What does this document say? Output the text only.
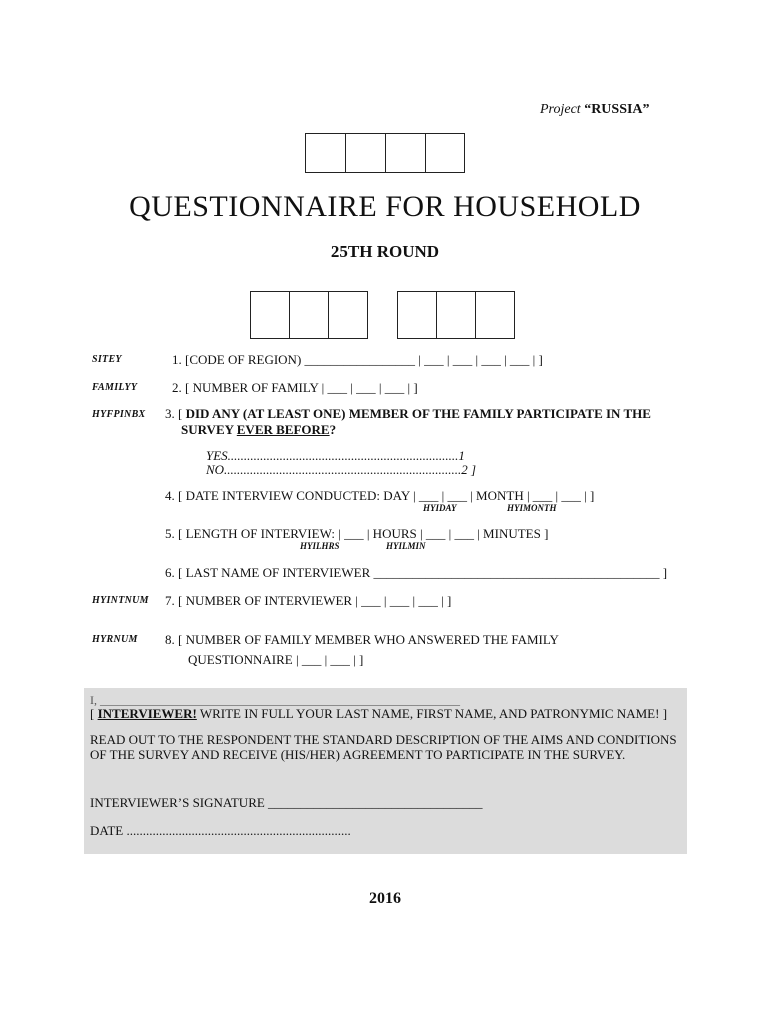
Project “RUSSIA”
QUESTIONNAIRE FOR HOUSEHOLD
25TH ROUND
SITEY	1. [CODE OF REGION) _________________ | ___ | ___ | ___ | ___ | ]
FAMILYY	2. [ NUMBER OF FAMILY | ___ | ___ | ___ | ]
HYFPINBX 3. [ DID ANY (AT LEAST ONE) MEMBER OF THE FAMILY PARTICIPATE IN THE
SURVEY EVER BEFORE?
YES.......................................................................1
NO.........................................................................2 ]
4. [ DATE INTERVIEW CONDUCTED: DAY | ___ | ___ | MONTH | ___ | ___ | ]
HYIDAY	HYIMONTH
5. [ LENGTH OF INTERVIEW: | ___ | HOURS | ___ | ___ | MINUTES ]
HYILHRS	HYILMIN
6. [ LAST NAME OF INTERVIEWER ____________________________________________ ]
HYINTNUM 7. [ NUMBER OF INTERVIEWER | ___ | ___ | ___ | ]
HYRNUM 8. [ NUMBER OF FAMILY MEMBER WHO ANSWERED THE FAMILY
QUESTIONNAIRE | ___ | ___ | ]
I, ____________________________________________________________
[ INTERVIEWER! WRITE IN FULL YOUR LAST NAME, FIRST NAME, AND PATRONYMIC NAME! ]
READ OUT TO THE RESPONDENT THE STANDARD DESCRIPTION OF THE AIMS AND CONDITIONS
OF THE SURVEY AND RECEIVE (HIS/HER) AGREEMENT TO PARTICIPATE IN THE SURVEY.
INTERVIEWER’S SIGNATURE _________________________________
DATE .....................................................................
2016
